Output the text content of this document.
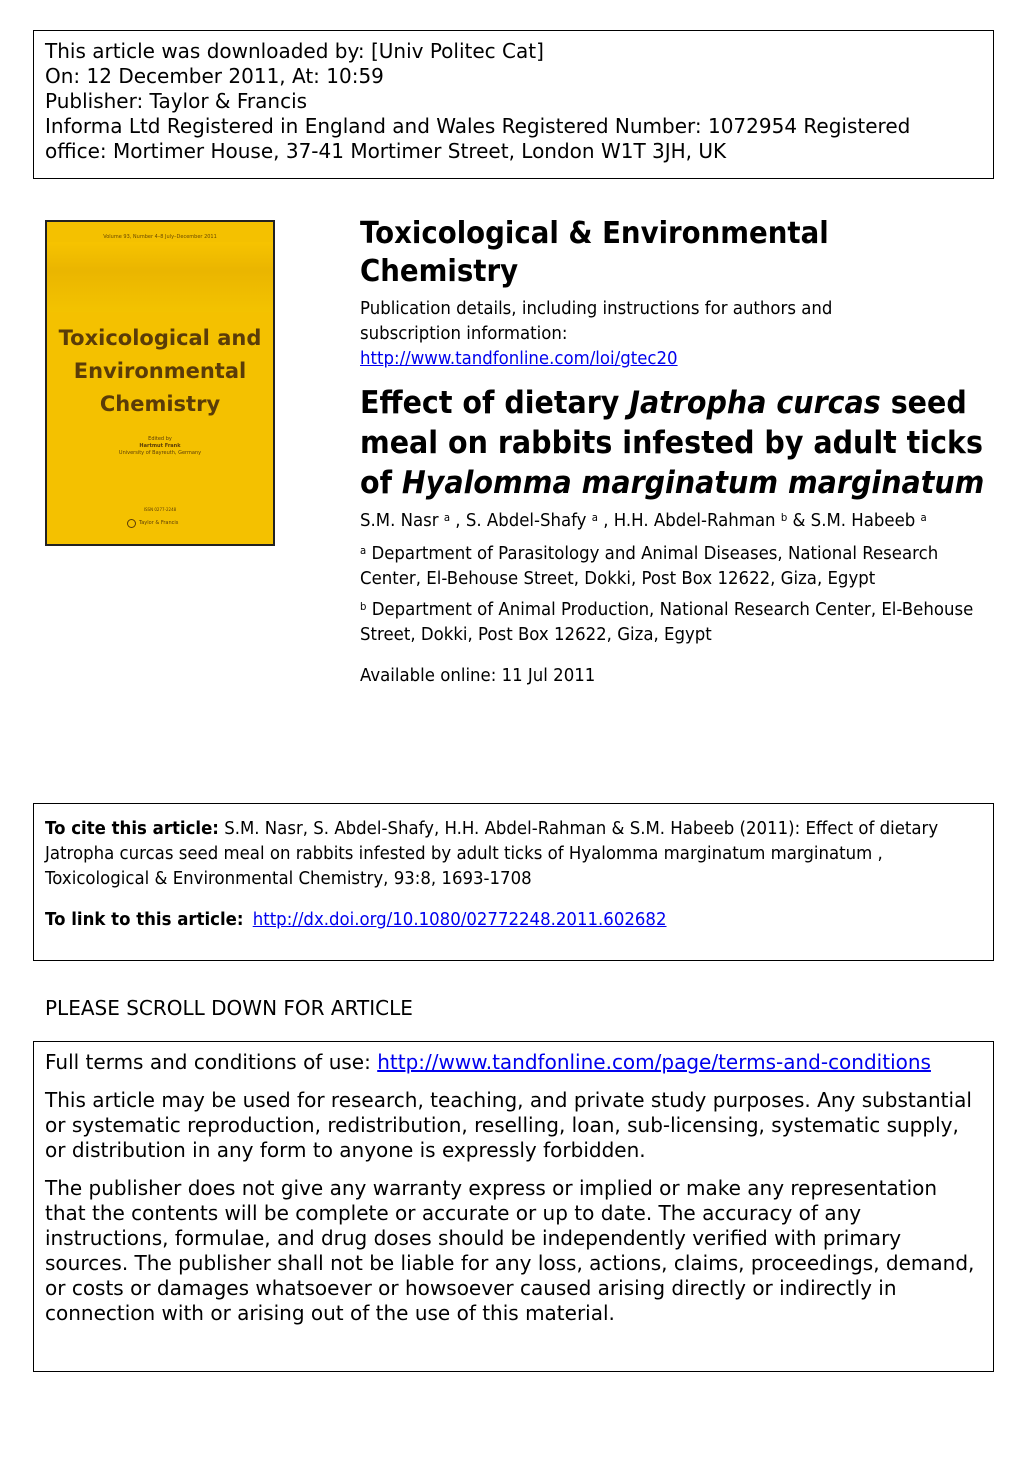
This article was downloaded by: [Univ Politec Cat]
On: 12 December 2011, At: 10:59
Publisher: Taylor & Francis
Informa Ltd Registered in England and Wales Registered Number: 1072954 Registered
office: Mortimer House, 37-41 Mortimer Street, London W1T 3JH, UK
Volume 93, Number 4–8 July–December 2011
Toxicological and
Environmental
Chemistry
Edited by
Hartmut Frank
University of Bayreuth, Germany
ISSN 0277-2248
Taylor & Francis
Toxicological & Environmental
Chemistry
Publication details, including instructions for authors and
subscription information:
http://www.tandfonline.com/loi/gtec20
Effect of dietary Jatropha curcas seed meal on rabbits infested by adult ticks of Hyalomma marginatum marginatum
S.M. Nasr $^a$ , S. Abdel-Shafy $^a$ , H.H. Abdel-Rahman $^b$ & S.M. Habeeb $^a$
$^a$ Department of Parasitology and Animal Diseases, National Research Center, El-Behouse Street, Dokki, Post Box 12622, Giza, Egypt
$^b$ Department of Animal Production, National Research Center, El-Behouse Street, Dokki, Post Box 12622, Giza, Egypt
Available online: 11 Jul 2011
To cite this article: S.M. Nasr, S. Abdel-Shafy, H.H. Abdel-Rahman & S.M. Habeeb (2011): Effect of dietary Jatropha curcas seed meal on rabbits infested by adult ticks of Hyalomma marginatum marginatum , Toxicological & Environmental Chemistry, 93:8, 1693-1708
To link to this article: http://dx.doi.org/10.1080/02772248.2011.602682
PLEASE SCROLL DOWN FOR ARTICLE

Full terms and conditions of use: http://www.tandfonline.com/page/terms-and-conditions

This article may be used for research, teaching, and private study purposes. Any substantial or systematic reproduction, redistribution, reselling, loan, sub-licensing, systematic supply, or distribution in any form to anyone is expressly forbidden.

The publisher does not give any warranty express or implied or make any representation that the contents will be complete or accurate or up to date. The accuracy of any instructions, formulae, and drug doses should be independently verified with primary sources. The publisher shall not be liable for any loss, actions, claims, proceedings, demand, or costs or damages whatsoever or howsoever caused arising directly or indirectly in connection with or arising out of the use of this material.
